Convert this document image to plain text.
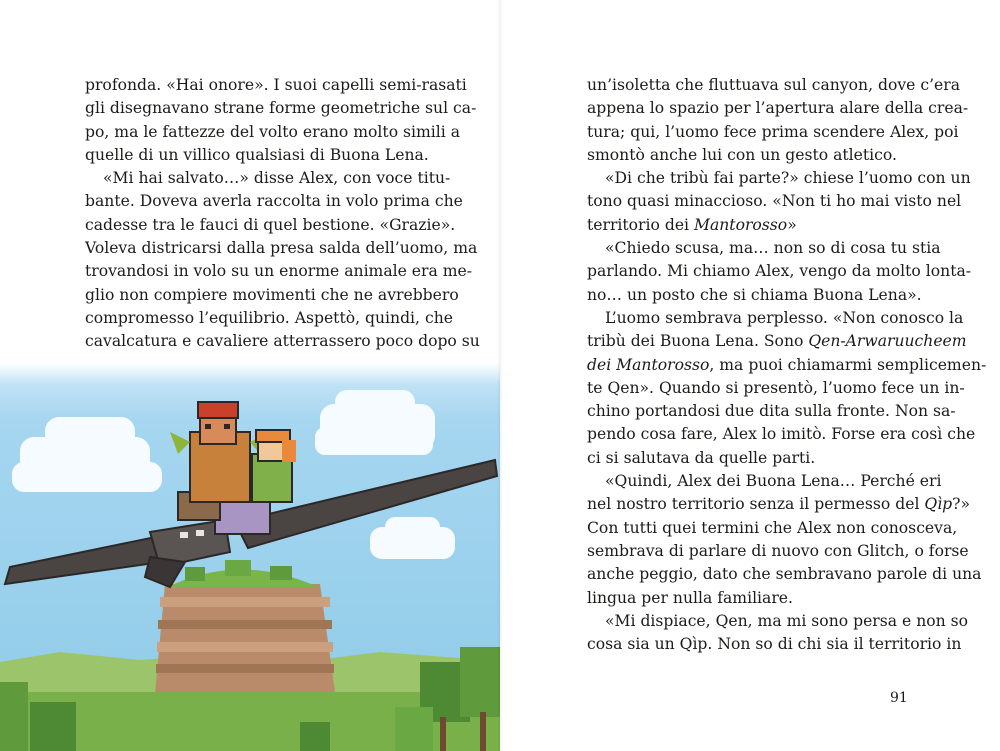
profonda. «Hai onore». I suoi capelli semi-rasati
gli disegnavano strane forme geometriche sul ca-
po, ma le fattezze del volto erano molto simili a
quelle di un villico qualsiasi di Buona Lena.
«Mi hai salvato…» disse Alex, con voce titu-
bante. Doveva averla raccolta in volo prima che
cadesse tra le fauci di quel bestione. «Grazie».
Voleva districarsi dalla presa salda dell’uomo, ma
trovandosi in volo su un enorme animale era me-
glio non compiere movimenti che ne avrebbero
compromesso l’equilibrio. Aspettò, quindi, che
cavalcatura e cavaliere atterrassero poco dopo su
un’isoletta che fluttuava sul canyon, dove c’era
appena lo spazio per l’apertura alare della crea-
tura; qui, l’uomo fece prima scendere Alex, poi
smontò anche lui con un gesto atletico.
«Di che tribù fai parte?» chiese l’uomo con un
tono quasi minaccioso. «Non ti ho mai visto nel
territorio dei Mantorosso»
«Chiedo scusa, ma… non so di cosa tu stia
parlando. Mi chiamo Alex, vengo da molto lonta-
no… un posto che si chiama Buona Lena».
L’uomo sembrava perplesso. «Non conosco la
tribù dei Buona Lena. Sono Qen-Arwaruucheem
dei Mantorosso, ma puoi chiamarmi semplicemen-
te Qen». Quando si presentò, l’uomo fece un in-
chino portandosi due dita sulla fronte. Non sa-
pendo cosa fare, Alex lo imitò. Forse era così che
ci si salutava da quelle parti.
«Quindi, Alex dei Buona Lena… Perché eri
nel nostro territorio senza il permesso del Qìp?»
Con tutti quei termini che Alex non conosceva,
sembrava di parlare di nuovo con Glitch, o forse
anche peggio, dato che sembravano parole di una
lingua per nulla familiare.
«Mi dispiace, Qen, ma mi sono persa e non so
cosa sia un Qìp. Non so di chi sia il territorio in
91
